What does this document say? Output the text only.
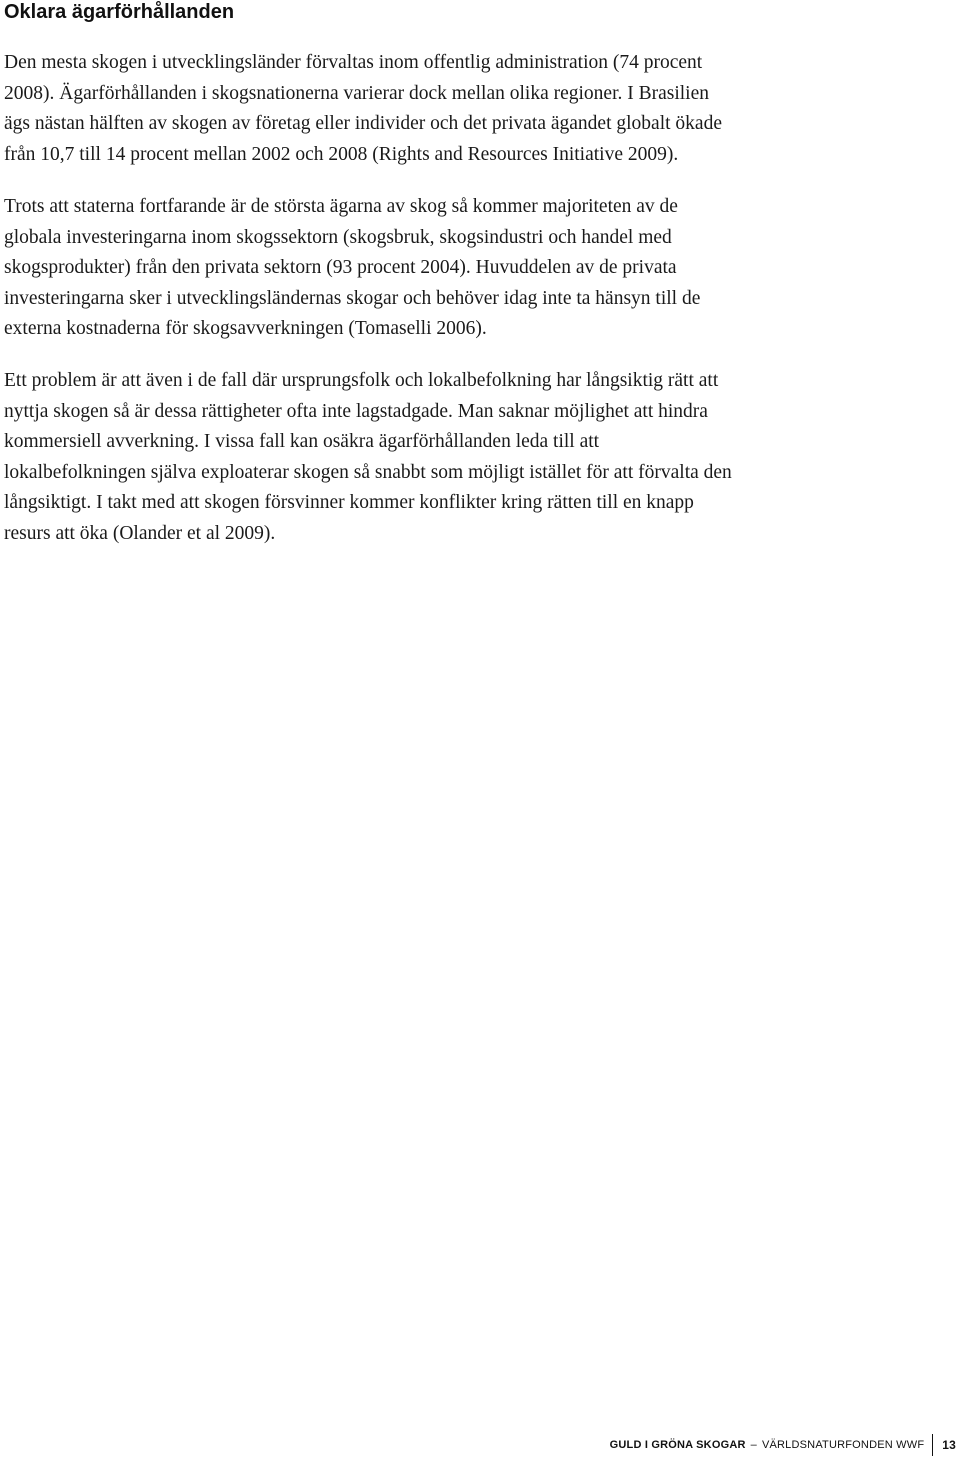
Oklara ägarförhållanden

Den mesta skogen i utvecklingsländer förvaltas inom offentlig administration (74 procent
2008). Ägarförhållanden i skogsnationerna varierar dock mellan olika regioner. I Brasilien
ägs nästan hälften av skogen av företag eller individer och det privata ägandet globalt ökade
från 10,7 till 14 procent mellan 2002 och 2008 (Rights and Resources Initiative 2009).

Trots att staterna fortfarande är de största ägarna av skog så kommer majoriteten av de
globala investeringarna inom skogssektorn (skogsbruk, skogsindustri och handel med
skogsprodukter) från den privata sektorn (93 procent 2004). Huvuddelen av de privata
investeringarna sker i utvecklingsländernas skogar och behöver idag inte ta hänsyn till de
externa kostnaderna för skogsavverkningen (Tomaselli 2006).

Ett problem är att även i de fall där ursprungsfolk och lokalbefolkning har långsiktig rätt att
nyttja skogen så är dessa rättigheter ofta inte lagstadgade. Man saknar möjlighet att hindra
kommersiell avverkning. I vissa fall kan osäkra ägarförhållanden leda till att
lokalbefolkningen själva exploaterar skogen så snabbt som möjligt istället för att förvalta den
långsiktigt. I takt med att skogen försvinner kommer konflikter kring rätten till en knapp
resurs att öka (Olander et al 2009).

GULD I GRÖNA SKOGAR – VÄRLDSNATURFONDEN WWF 13
